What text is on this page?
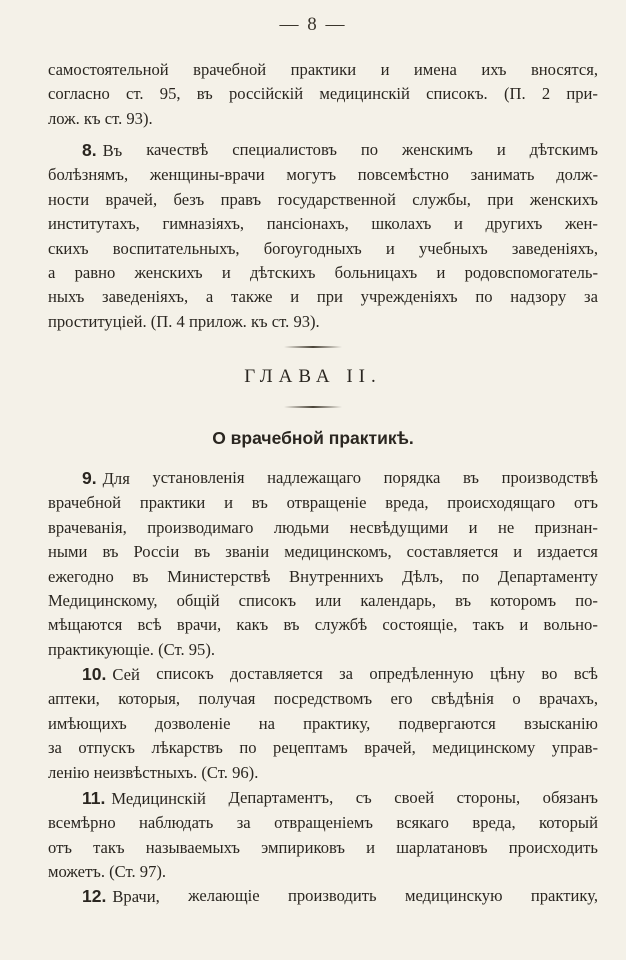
— 8 —
самостоятельной врачебной практики и имена ихъ вносятся,
согласно ст. 95, въ россійскій медицинскій списокъ. (П. 2 при-
лож. къ ст. 93).
8. Въ качествѣ специалистовъ по женскимъ и дѣтскимъ
болѣзнямъ, женщины-врачи могутъ повсемѣстно занимать долж-
ности врачей, безъ правъ государственной службы, при женскихъ
институтахъ, гимназіяхъ, пансіонахъ, школахъ и другихъ жен-
скихъ воспитательныхъ, богоугодныхъ и учебныхъ заведеніяхъ,
а равно женскихъ и дѣтскихъ больницахъ и родовспомогатель-
ныхъ заведеніяхъ, а также и при учрежденіяхъ по надзору за
проституціей. (П. 4 прилож. къ ст. 93).
ГЛАВА II.
О врачебной практикѣ.
9. Для установленія надлежащаго порядка въ производствѣ
врачебной практики и въ отвращеніе вреда, происходящаго отъ
врачеванія, производимаго людьми несвѣдущими и не признан-
ными въ Россіи въ званіи медицинскомъ, составляется и издается
ежегодно въ Министерствѣ Внутреннихъ Дѣлъ, по Департаменту
Медицинскому, общій списокъ или календарь, въ которомъ по-
мѣщаются всѣ врачи, какъ въ службѣ состоящіе, такъ и вольно-
практикующіе. (Ст. 95).
10. Сей списокъ доставляется за опредѣленную цѣну во всѣ
аптеки, которыя, получая посредствомъ его свѣдѣнія о врачахъ,
имѣющихъ дозволеніе на практику, подвергаются взысканію
за отпускъ лѣкарствъ по рецептамъ врачей, медицинскому управ-
ленію неизвѣстныхъ. (Ст. 96).
11. Медицинскій Департаментъ, съ своей стороны, обязанъ
всемѣрно наблюдать за отвращеніемъ всякаго вреда, который
отъ такъ называемыхъ эмпириковъ и шарлатановъ происходить
можетъ. (Ст. 97).
12. Врачи, желающіе производить медицинскую практику,
